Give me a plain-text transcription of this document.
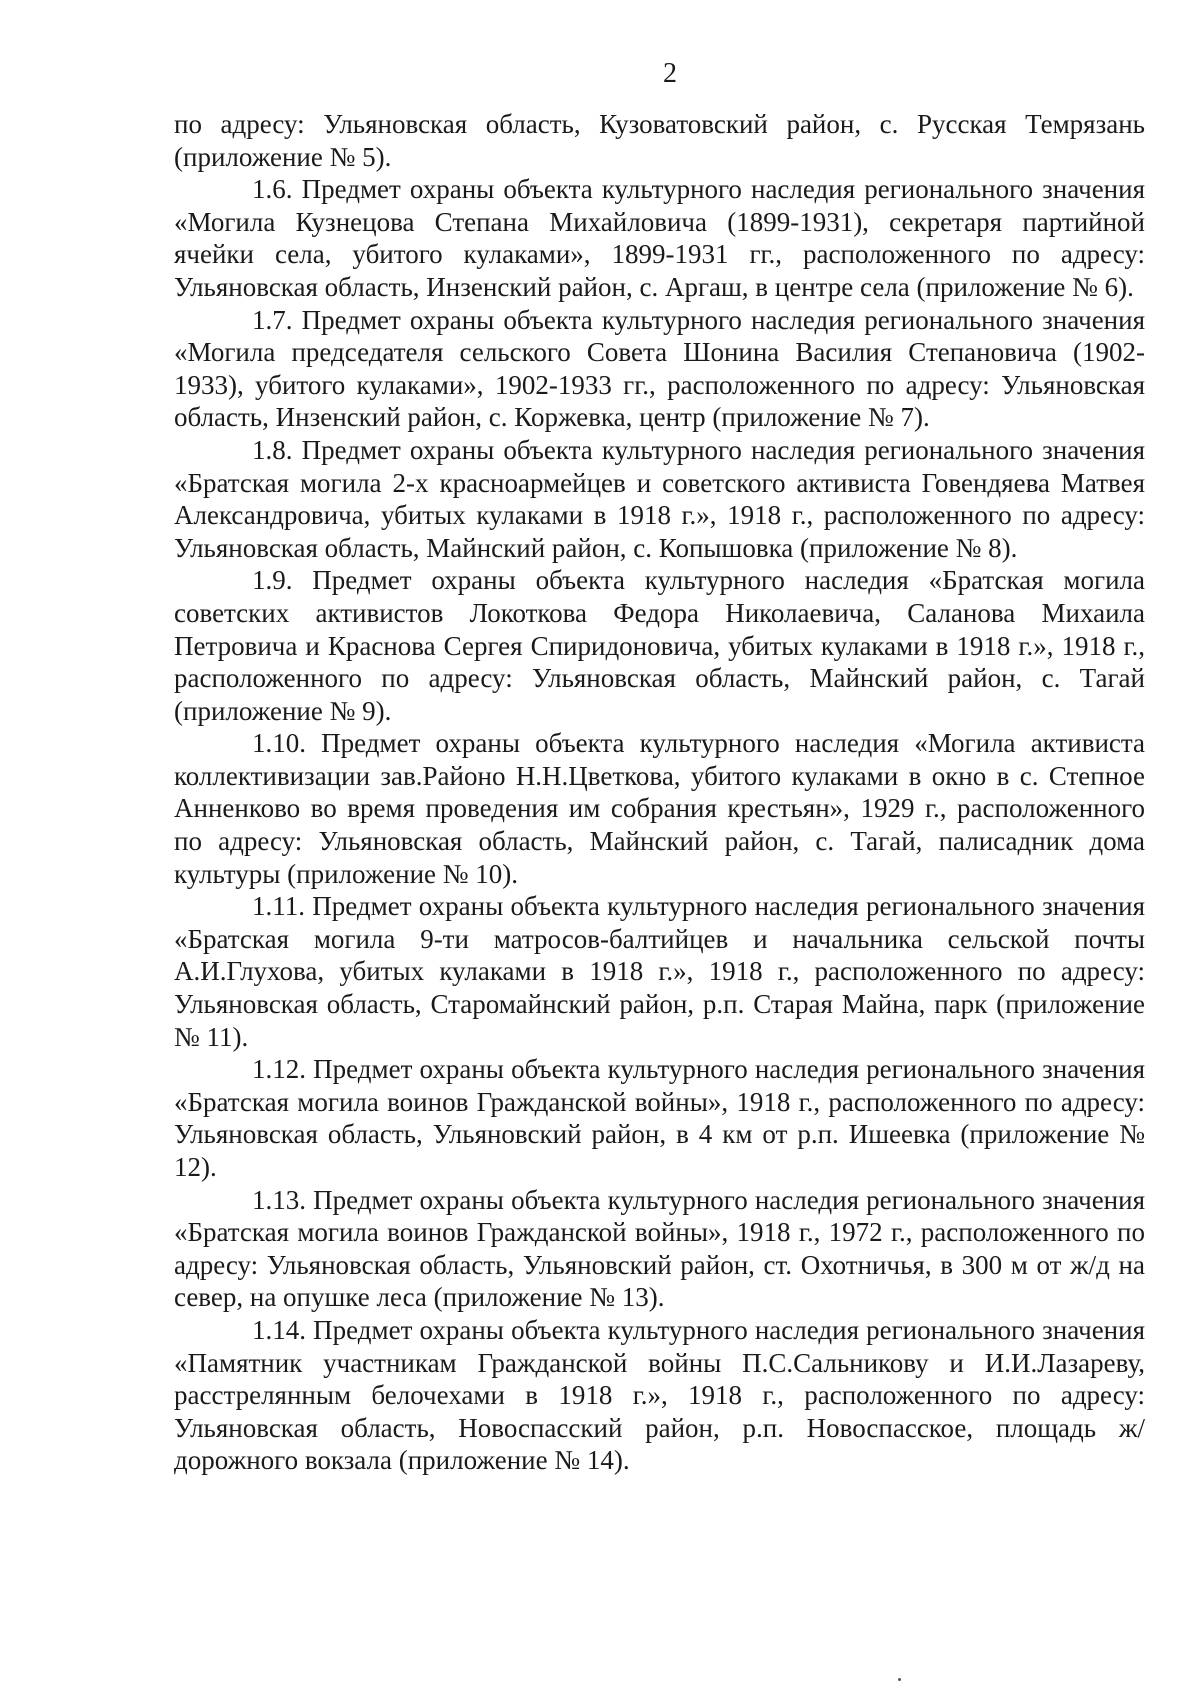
2

по адресу: Ульяновская область, Кузоватовский район, с. Русская Темрязань (приложение № 5).

1.6. Предмет охраны объекта культурного наследия регионального значения «Могила Кузнецова Степана Михайловича (1899-1931), секретаря партийной ячейки села, убитого кулаками», 1899-1931 гг., расположенного по адресу: Ульяновская область, Инзенский район, с. Аргаш, в центре села (приложение № 6).

1.7. Предмет охраны объекта культурного наследия регионального значения «Могила председателя сельского Совета Шонина Василия Степановича (1902-1933), убитого кулаками», 1902-1933 гг., расположенного по адресу: Ульяновская область, Инзенский район, с. Коржевка, центр (приложение № 7).

1.8. Предмет охраны объекта культурного наследия регионального значения «Братская могила 2-х красноармейцев и советского активиста Говендяева Матвея Александровича, убитых кулаками в 1918 г.», 1918 г., расположенного по адресу: Ульяновская область, Майнский район, с. Копышовка (приложение № 8).

1.9. Предмет охраны объекта культурного наследия «Братская могила советских активистов Локоткова Федора Николаевича, Саланова Михаила Петровича и Краснова Сергея Спиридоновича, убитых кулаками в 1918 г.», 1918 г., расположенного по адресу: Ульяновская область, Майнский район, с. Тагай (приложение № 9).

1.10. Предмет охраны объекта культурного наследия «Могила активиста коллективизации зав.Районо Н.Н.Цветкова, убитого кулаками в окно в с. Степное Анненково во время проведения им собрания крестьян», 1929 г., расположенного по адресу: Ульяновская область, Майнский район, с. Тагай, палисадник дома культуры (приложение № 10).

1.11. Предмет охраны объекта культурного наследия регионального значения «Братская могила 9-ти матросов-балтийцев и начальника сельской почты А.И.Глухова, убитых кулаками в 1918 г.», 1918 г., расположенного по адресу: Ульяновская область, Старомайнский район, р.п. Старая Майна, парк (приложение № 11).

1.12. Предмет охраны объекта культурного наследия регионального значения «Братская могила воинов Гражданской войны», 1918 г., расположенного по адресу: Ульяновская область, Ульяновский район, в 4 км от р.п. Ишеевка (приложение № 12).

1.13. Предмет охраны объекта культурного наследия регионального значения «Братская могила воинов Гражданской войны», 1918 г., 1972 г., расположенного по адресу: Ульяновская область, Ульяновский район, ст. Охотничья, в 300 м от ж/д на север, на опушке леса (приложение № 13).

1.14. Предмет охраны объекта культурного наследия регионального значения «Памятник участникам Гражданской войны П.С.Сальникову и И.И.Лазареву, расстрелянным белочехами в 1918 г.», 1918 г., расположенного по адресу: Ульяновская область, Новоспасский район, р.п. Новоспасское, площадь ж/дорожного вокзала (приложение № 14).
